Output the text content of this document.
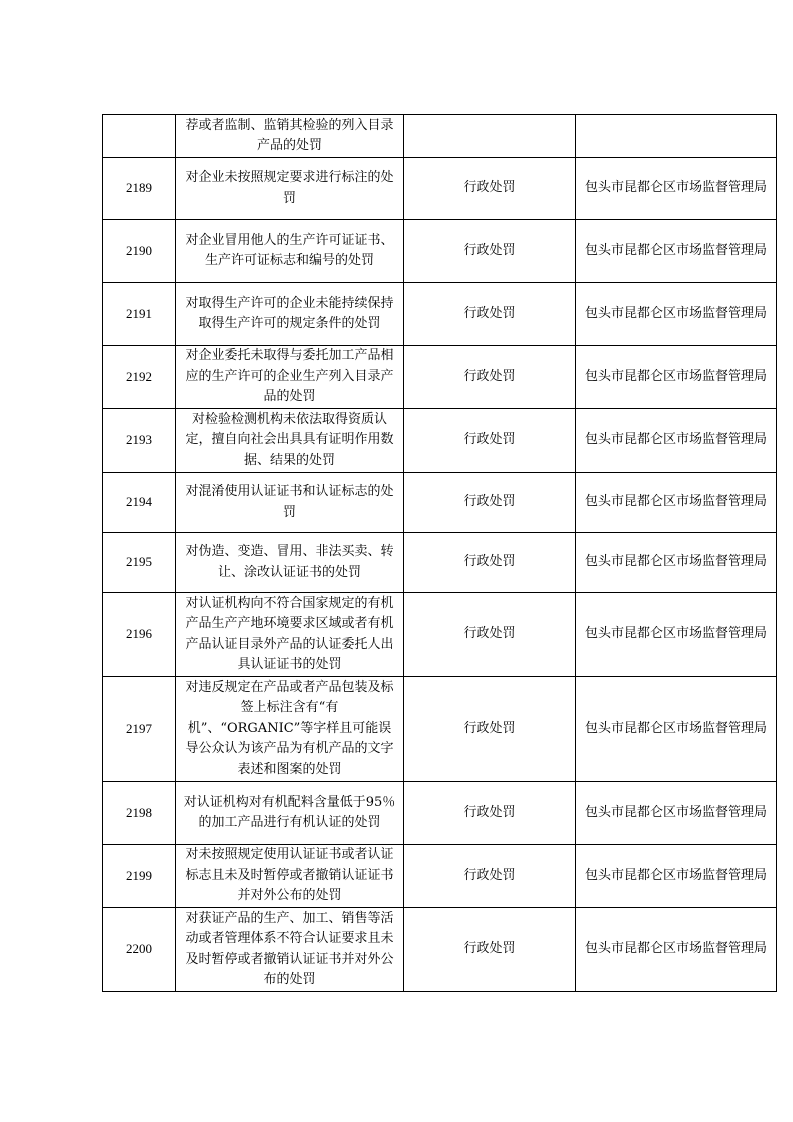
	荐或者监制、监销其检验的列入目录产品的处罚		
2189	对企业未按照规定要求进行标注的处罚	行政处罚	包头市昆都仑区市场监督管理局
2190	对企业冒用他人的生产许可证证书、生产许可证标志和编号的处罚	行政处罚	包头市昆都仑区市场监督管理局
2191	对取得生产许可的企业未能持续保持取得生产许可的规定条件的处罚	行政处罚	包头市昆都仑区市场监督管理局
2192	对企业委托未取得与委托加工产品相应的生产许可的企业生产列入目录产品的处罚	行政处罚	包头市昆都仑区市场监督管理局
2193	对检验检测机构未依法取得资质认定，擅自向社会出具具有证明作用数据、结果的处罚	行政处罚	包头市昆都仑区市场监督管理局
2194	对混淆使用认证证书和认证标志的处罚	行政处罚	包头市昆都仑区市场监督管理局
2195	对伪造、变造、冒用、非法买卖、转让、涂改认证证书的处罚	行政处罚	包头市昆都仑区市场监督管理局
2196	对认证机构向不符合国家规定的有机产品生产产地环境要求区域或者有机产品认证目录外产品的认证委托人出具认证证书的处罚	行政处罚	包头市昆都仑区市场监督管理局
2197	对违反规定在产品或者产品包装及标签上标注含有“有机”、“ORGANIC”等字样且可能误导公众认为该产品为有机产品的文字表述和图案的处罚	行政处罚	包头市昆都仑区市场监督管理局
2198	对认证机构对有机配料含量低于95％的加工产品进行有机认证的处罚	行政处罚	包头市昆都仑区市场监督管理局
2199	对未按照规定使用认证证书或者认证标志且未及时暂停或者撤销认证证书并对外公布的处罚	行政处罚	包头市昆都仑区市场监督管理局
2200	对获证产品的生产、加工、销售等活动或者管理体系不符合认证要求且未及时暂停或者撤销认证证书并对外公布的处罚	行政处罚	包头市昆都仑区市场监督管理局
